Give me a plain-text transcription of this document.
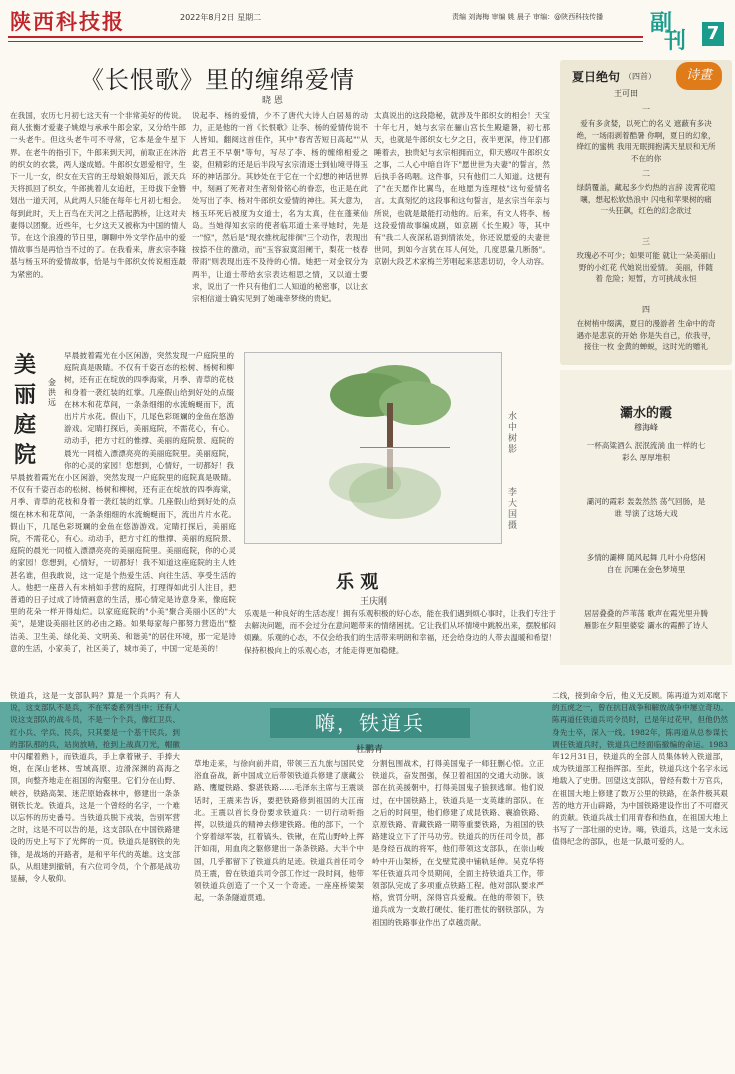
陕西科技报	2022年8月2日 星期二	责编 刘海梅 审编 姚 晨子 审编：@陕西科技传播 副
刊 7
《长恨歌》里的缠绵爱情
晓 恩
在我国，农历七月初七这天有一个非常美好的传说。商人张衡才爱妻子姚煌与承承牛郎会家，又分给牛郎一头老牛。但这头老牛可不寻常，它本是金牛星下界。在老牛的指引下，牛郎来到天河，前取正在沐浴的织女的衣裳，两人遂成婚。牛郎织女恩爱相守，生下一儿一女，织女在天宫的王母娘娘得知后，派天兵天将抓回了织女，牛郎挑着儿女追赶，王母拔下金簪划出一道天河，从此两人只能在每年七月初七相会。每到此时，天上百鸟在天河之上搭起鹊桥，让这对夫妻得以团聚。近些年，七夕这天又被称为中国的情人节。在这个浪漫的节日里，聊聊中外文学作品中的爱情故事当是再恰当不过的了。在我看来，唐玄宗李隆基与杨玉环的爱情故事，恰是与牛郎织女传说相连最为紧密的。
说起李、杨的爱情，少不了唐代大诗人白居易的动力，正是他的一首《长恨歌》让李、杨的爱情传说不人皆知。翻阅这首佳作，其中"春宵苦短日高起""从此君王不早朝"等句，写尽了李、杨的缠绵相爱之姿，但精彩的还是后半段写玄宗清逐士到仙境寻得玉环的神话部分。其妙处在于它在一个幻想的神话世界中，刻画了死者对生者刻骨铭心的眷恋，也正是在此处写出了李、杨对牛郎织女爱情的神往。其大意为，杨玉环死后被度为女道士，名为太真，住在蓬莱仙岛。当她得知玄宗的使者临邛道士来寻她时，先是一"惊"，然后是"现衣推枕起徘徊"三个动作，表现出按捺不住的激动，而"玉容寂寞泪阑干，梨花一枝春带雨"则表现出连不及待的心情。她把一对金钗分为两半，让道士带给玄宗表达相思之情，又以道士要求，说出了一件只有他们二人知道的秘密事，以让玄宗相信道士确实见到了她魂牵梦绕的贵妃。
太真说出的这段隐秘，就涉及牛郎织女的相会！天宝十年七月，她与玄宗在骊山宫长生殿避暑，初七那天，也就是牛郎织女七夕之日，夜半更深，侍卫们都睡着去，独贵妃与玄宗相拥而立，仰天感叹牛郎织女之事，二人心中暗自许下"愿世世为夫妻"的誓言，然后执手各呜咽。这件事，只有他们二人知道。这便有了"在天愿作比翼鸟，在地愿为连理枝"这句爱情名言。太真刻忆的这段事和这句誓言，是玄宗当年亲与所说，也就是最能打动他的。后来，有文人将李、杨这段爱情故事编成剧，如京剧《长生殿》等，其中有"我二人夜深私语到情浓处，你还说愿爱的夫妻世世同，到如今言犹在耳人何处，几度思量几断肠"。京剧大段艺术家梅兰芳唱起来悲悲切切，令人动容。
夏日绝句 （四首）	诗畫
王可田
一
爱有多贪婪，以死亡的名义 遮蔽有多决绝，一场雨剥着酷暑 你啊，夏日的幻象，绛红的蜜桃 我用无眠拥抱满天星辰和无所不在的你
二
绿荫覆盖，藏起多少灼热的言辞 凌霄花喧嚷，想起松软热浪中 闪电和苹果树的痛 一头狂飙，红色的幻念欲过
三
玫瑰必不可少；如果可能 就让一朵美丽山野的小红花 代她说出爱情。 美丽，伴随着 危险；短暂，方可挑战永恒
四
在树梢中缀满，夏日的漫游者 生命中的奇遇亦是悲哀的开始 你是失自己，依我寻，接住一枚 金黄的蝉蜕，这时光的赠礼
灞水的霞
穆海峰
一杯高粱酒么 泯泯流淌 血一样的七彩么 厚厚堆积
灞河的霞彩 轰轰然然 荡气回肠，是谁 导演了这场大戏
多情的灞柳 随风起舞 几叶小舟悠闲自在 沉睡在金色梦境里
居居叠叠的芦苇荡 歌声在霞光里升腾 雁影在夕阳里婆娑 灞水的霞醉了诗人
美丽庭院
金洪远
早晨披着霞光在小区闲游，突然发现一户庭院里的庭院真是吸睛。不仅有千姿百态的松树、杨树和柳树，还有正在绽放的四季海棠，月季、青草的花枝和身着一袭红装的红掌。几座假山给到好处的点缀在林木和花草间，一条条细细的水流蜿蜒而下，流出片片水花。假山下，几尾色彩斑斓的金鱼在悠游游戏。定睛打探后，美丽庭院，不需花心，有心。动动手，把方寸红的惟撑、美丽的庭院景、庭院的晨光一同植入漂漂亮亮的美丽庭院里。美丽庭院，你的心灵的家园！您想到，心情好，一切都好！我
早晨披着霞光在小区闲游，突然发现一户庭院里的庭院真是吸睛。不仅有千姿百态的松树、杨树和柳树，还有正在绽放的四季海棠，月季、青草的花枝和身着一袭红装的红掌。几座假山给到好处的点缀在林木和花草间，一条条细细的水流蜿蜒而下，流出片片水花。假山下，几尾色彩斑斓的金鱼在悠游游戏。定睛打探后，美丽庭院，不需花心，有心。动动手，把方寸红的惟撑、美丽的庭院景、庭院的晨光一同植入漂漂亮亮的美丽庭院里。美丽庭院，你的心灵的家园！您想到，心情好，一切都好！我不知道这座庭院的主人姓甚名谁，但我敢说，这一定是个热爱生活、向往生活、享受生活的人。他把一座普入有未梢如手营的庭院，打理得如此引人注目，把普通的日子过成了诗情画意的生活，那心情定是诗意身来，像庭院里的花朵一样开得灿烂。以家庭庭院的"小美"聚合美丽小区的"大美"，是建设美丽社区的必由之路。如果每家每户都努力营造出"整洁美、卫生美、绿化美、文明美、和谐美"的居住环境，那一定是诗意的生活，小家美了，社区美了，城市美了，中国一定是美的！
水中树影
李大国 摄
乐 观
王庆刚
乐观是一种良好的生活态度！拥有乐观积极的好心态，能在我们遇到烦心事时，让我们专注于去解决问题，而不会过分在意问题带来的情绪困扰。它让我们从坏情境中跳脱出来，摆脱郁闷烦躁。乐观的心态，不仅会给我们的生活带来明朗和幸福，还会给身边的人带去温暖和希望！保持积极向上的乐观心态，才能走得更加稳健。
嗨，铁道兵
杜鹏青
铁道兵，这是一支部队吗？算是一个兵吗？有人说，这支部队不是兵，不在军委系列当中；还有人说这支部队的战斗员，不是一个个兵，像红卫兵、红小兵、学兵、民兵，只其要是一个基干民兵。到的部队那的兵，站岗放哨，抢到上战真刀光，帽徽中闪耀着熟ト，而铁道兵，手上拿着锹子、手捧大炮，在深山老林、雪域高原、边滑深渊的高海之顶，向整齐地走在祖国的沟壑里。它们分在山野、峡谷，铁路高架、迷茫原始森林中，修建出一条条钢铁长龙。铁道兵，这是一个曾经的名字，一个难以忘怀的历史番号。当铁道兵脱下戎装，告别军营之时，这是不可以告的是，这支部队在中国铁路建设的历史上写下了光辉的一页。铁道兵是钢铁的先锋，是战场的开路者，是和平年代的英雄。这支部队，从组建到撤销，有六位司令员，个个都是战功显赫，令人敬仰。
草地走来，与徐向前并肩，带领三五九旅与国民党浴血奋战，新中国成立后带领铁道兵修建了康藏公路、鹰厦铁路、黎湛铁路……毛泽东主席与王震谈话时，王震来告诉，要把铁路修到祖国的大江南北。王震以首长身份要求铁道兵：一切行动听指挥，以铁道兵的精神去修建铁路。他的部下，一个个穿着绿军装，扛着镐头、铁锹，在荒山野岭上挥汗如雨，用血肉之躯修建出一条条铁路。大半个中国，几乎都留下了铁道兵的足迹。铁道兵首任司令员王震，曾在铁道兵司令部工作过一段时间，他带领铁道兵创造了一个又一个奇迹。一座座桥梁架起，一条条隧道贯通。
分割包围战术，打得美国鬼子一师狂删心惊。立正铁道兵，奋发图强，保卫着祖国的交通大动脉。该部在抗美援朝中，打得美国鬼子狼狈逃窜。他们说过，在中国铁路上，铁道兵是一支英雄的部队。在之后的时间里，他们修建了成昆铁路、襄渝铁路、京原铁路、青藏铁路一期等重要铁路，为祖国的铁路建设立下了汗马功劳。铁道兵的历任司令员，都是身经百战的将军，他们带领这支部队，在崇山峻岭中开山架桥，在戈壁荒漠中铺轨延伸。吴克华将军任铁道兵司令员期间，全面主持铁道兵工作，带领部队完成了多项重点铁路工程。他对部队要求严格，赏罚分明，深得官兵爱戴。在他的带领下，铁道兵成为一支敢打硬仗、能打胜仗的钢铁部队，为祖国的铁路事业作出了卓越贡献。
二线，接到命令后，他义无反顾。陈再道为刘邓麾下的五虎之一，曾在抗日战争和解放战争中屡立奇功。陈再道任铁道兵司令员时，已是年过花甲，但他仍然身先士卒，深入一线。1982年，陈再道从总参谋长调任铁道兵时，铁道兵已经面临撤编的命运。1983年12月31日，铁道兵的全部人员集体转入铁道部，成为铁道部工程指挥部。至此，铁道兵这个名字永远地载入了史册。回望这支部队，曾经有数十万官兵，在祖国大地上修建了数万公里的铁路，在条件极其艰苦的地方开山辟路，为中国铁路建设作出了不可磨灭的贡献。铁道兵战士们用青春和热血，在祖国大地上书写了一部壮丽的史诗。嗨，铁道兵，这是一支永远值得纪念的部队，也是一队最可爱的人。
